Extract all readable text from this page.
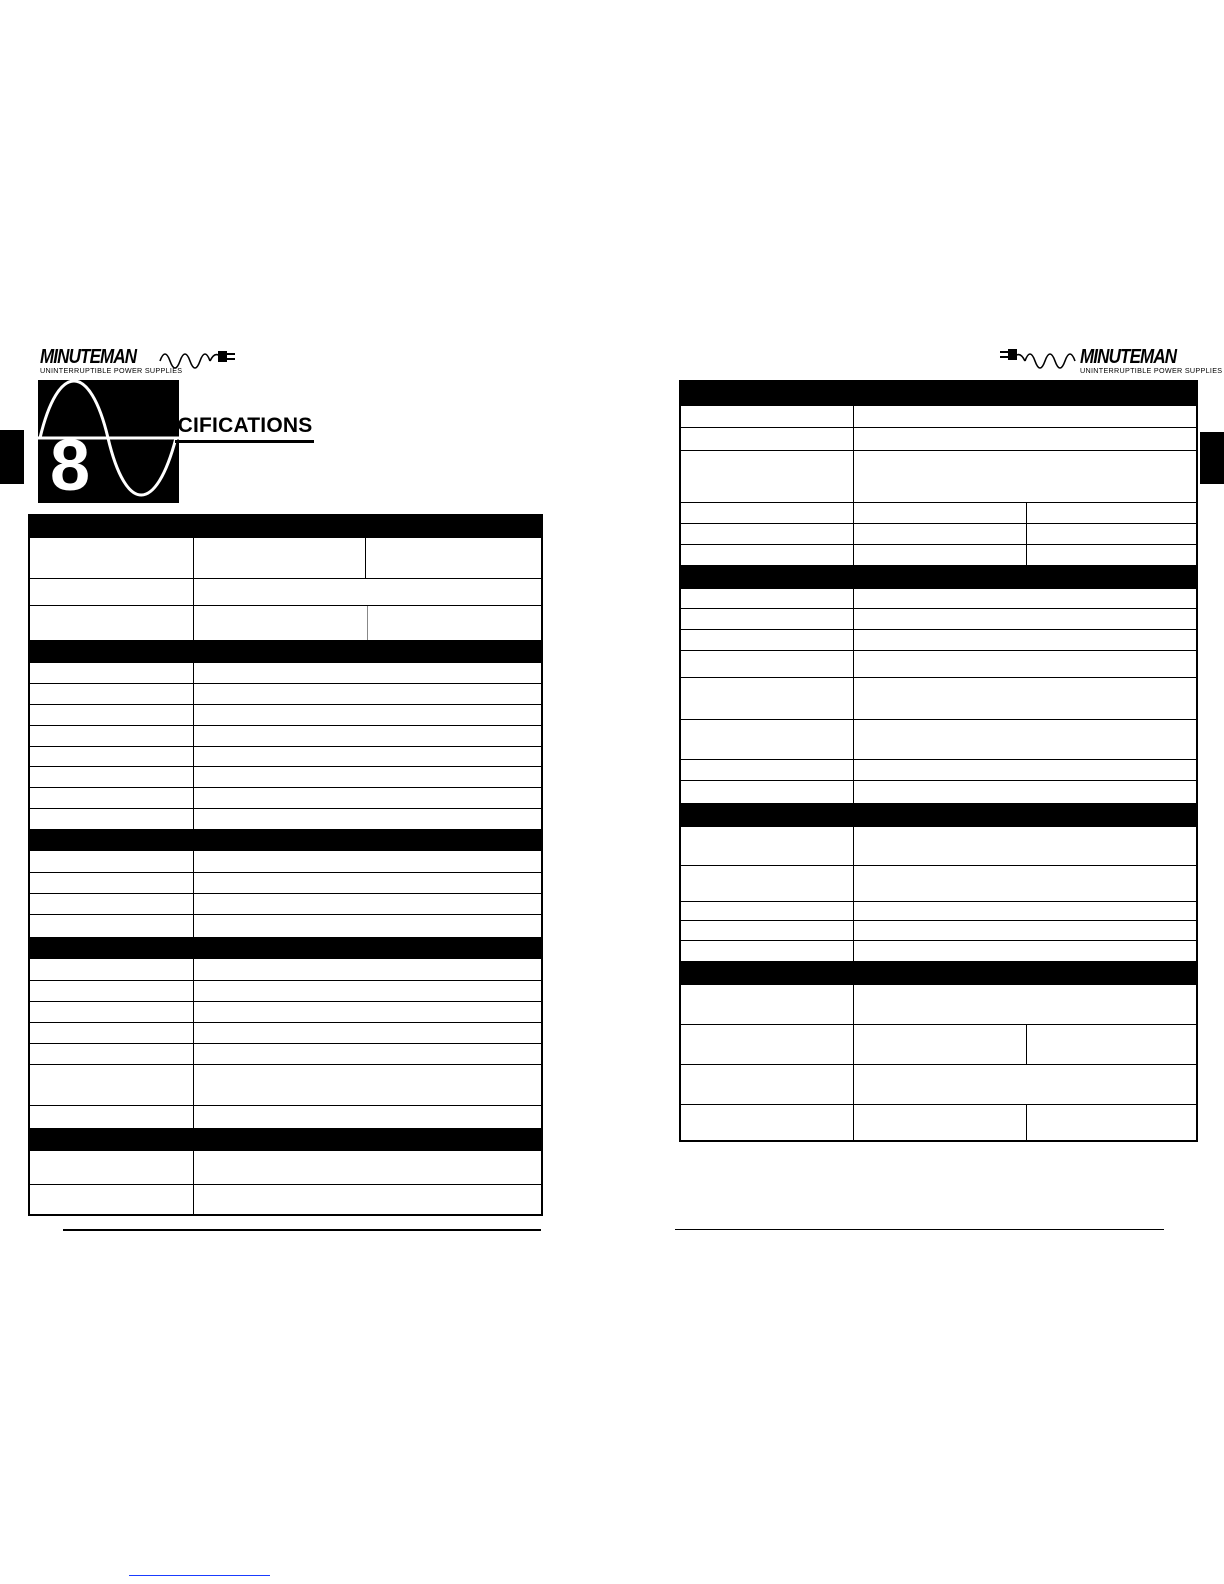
MINUTEMAN
UNINTERRUPTIBLE POWER SUPPLIES
8
SPECIFICATIONS
MINUTEMAN
UNINTERRUPTIBLE POWER SUPPLIES
